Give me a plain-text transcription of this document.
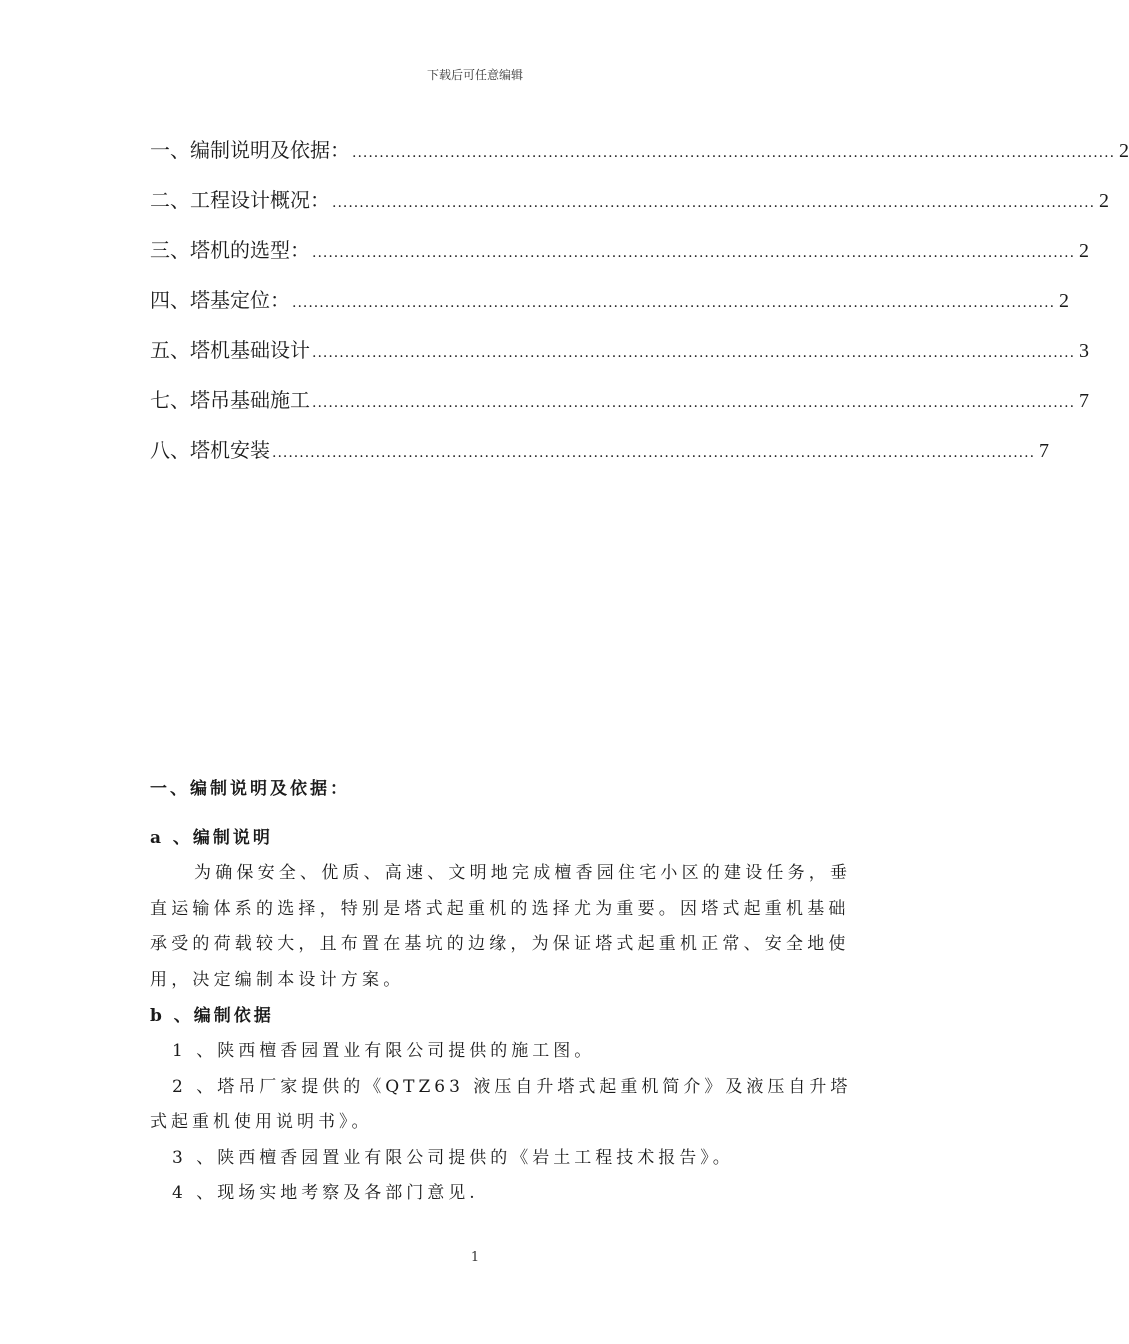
下载后可任意编辑
一、编制说明及依据： ............................................................................................................................................ 2
二、工程设计概况： ............................................................................................................................................ 2
三、塔机的选型： ............................................................................................................................................ 2
四、塔基定位： ............................................................................................................................................ 2
五、塔机基础设计 ............................................................................................................................................ 3
七、塔吊基础施工 ............................................................................................................................................ 7
八、塔机安装 ............................................................................................................................................ 7
一、编制说明及依据：
a 、编制说明

为确保安全、优质、高速、文明地完成檀香园住宅小区的建设任务，垂直运输体系的选择，特别是塔式起重机的选择尤为重要。因塔式起重机基础承受的荷载较大，且布置在基坑的边缘，为保证塔式起重机正常、安全地使用，决定编制本设计方案。

b 、编制依据

1 、陕西檀香园置业有限公司提供的施工图。

2 、塔吊厂家提供的《QTZ63 液压自升塔式起重机简介》及液压自升塔式起重机使用说明书》。

3 、陕西檀香园置业有限公司提供的《岩土工程技术报告》。

4 、现场实地考察及各部门意见.

1
